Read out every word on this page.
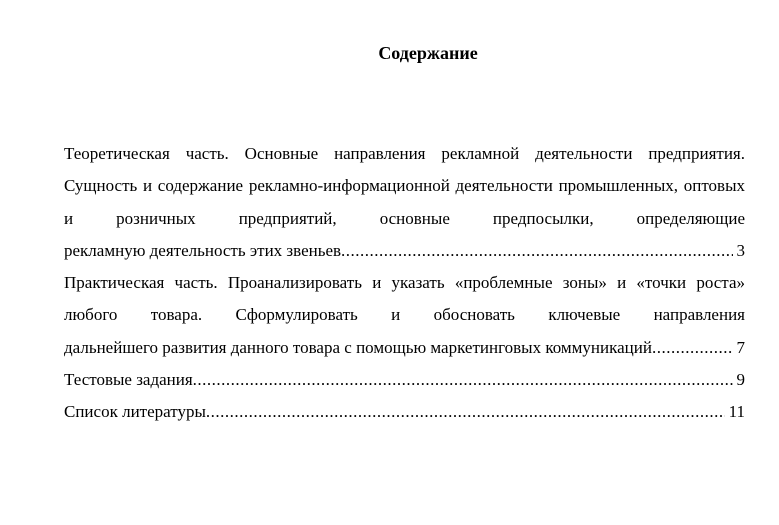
Содержание
Теоретическая часть. Основные направления рекламной деятельности предприятия. Сущность и содержание рекламно-информационной деятельности промышленных, оптовых и розничных предприятий, основные предпосылки, определяющие
рекламную деятельность этих звеньев .....	3
Практическая часть. Проанализировать и указать «проблемные зоны» и «точки роста» любого товара. Сформулировать и обосновать ключевые направления
дальнейшего развития данного товара с помощью маркетинговых коммуникаций .....	7
Тестовые задания .....	9
Список литературы .....	11
